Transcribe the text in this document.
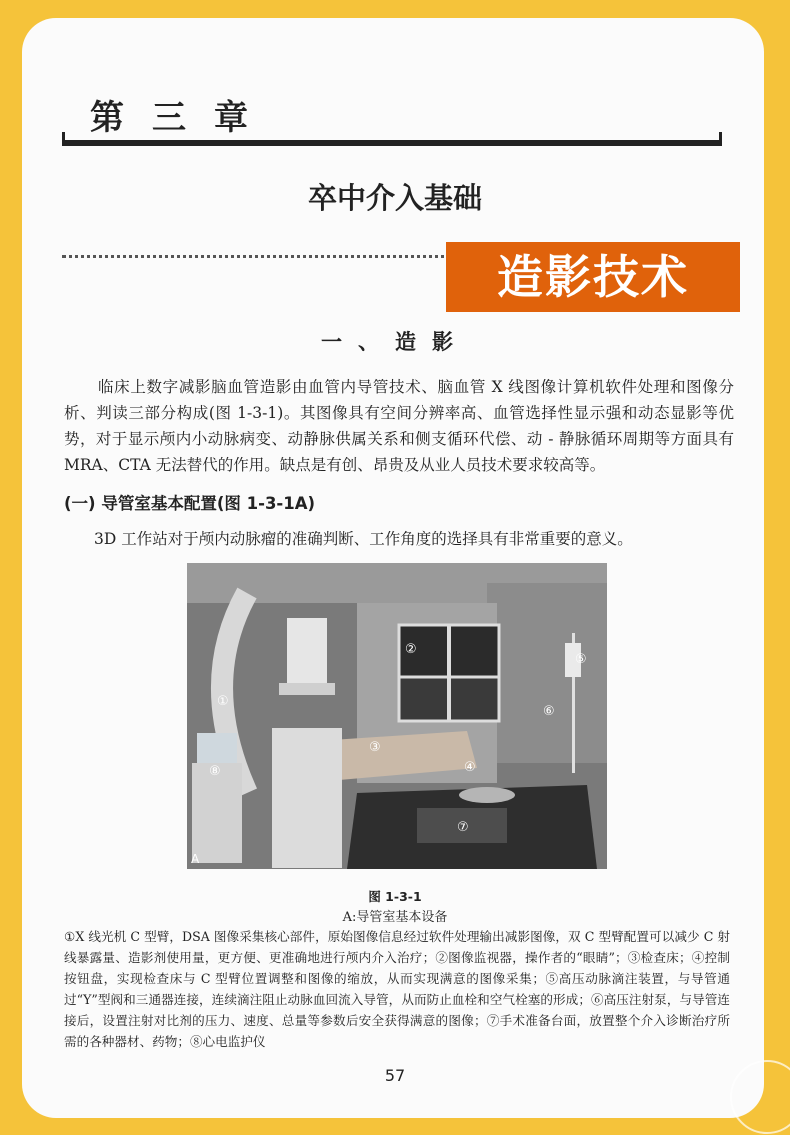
第三章
卒中介入基础
造影技术
一、造影
临床上数字减影脑血管造影由血管内导管技术、脑血管 X 线图像计算机软件处理和图像分析、判读三部分构成(图 1-3-1)。其图像具有空间分辨率高、血管选择性显示强和动态显影等优势，对于显示颅内小动脉病变、动静脉供属关系和侧支循环代偿、动 - 静脉循环周期等方面具有 MRA、CTA 无法替代的作用。缺点是有创、昂贵及从业人员技术要求较高等。
(一) 导管室基本配置(图 1-3-1A)
3D 工作站对于颅内动脉瘤的准确判断、工作角度的选择具有非常重要的意义。
①
②
③
④
⑤
⑥
⑦
⑧
A
图 1-3-1
A:导管室基本设备
①X 线光机 C 型臂，DSA 图像采集核心部件，原始图像信息经过软件处理输出减影图像，双 C 型臂配置可以减少 C 射线暴露量、造影剂使用量，更方便、更准确地进行颅内介入治疗；②图像监视器，操作者的“眼睛”；③检查床；④控制按钮盘，实现检查床与 C 型臂位置调整和图像的缩放，从而实现满意的图像采集；⑤高压动脉滴注装置，与导管通过“Y”型阀和三通器连接，连续滴注阻止动脉血回流入导管，从而防止血栓和空气栓塞的形成；⑥高压注射泵，与导管连接后，设置注射对比剂的压力、速度、总量等参数后安全获得满意的图像；⑦手术准备台面，放置整个介入诊断治疗所需的各种器材、药物；⑧心电监护仪
57
